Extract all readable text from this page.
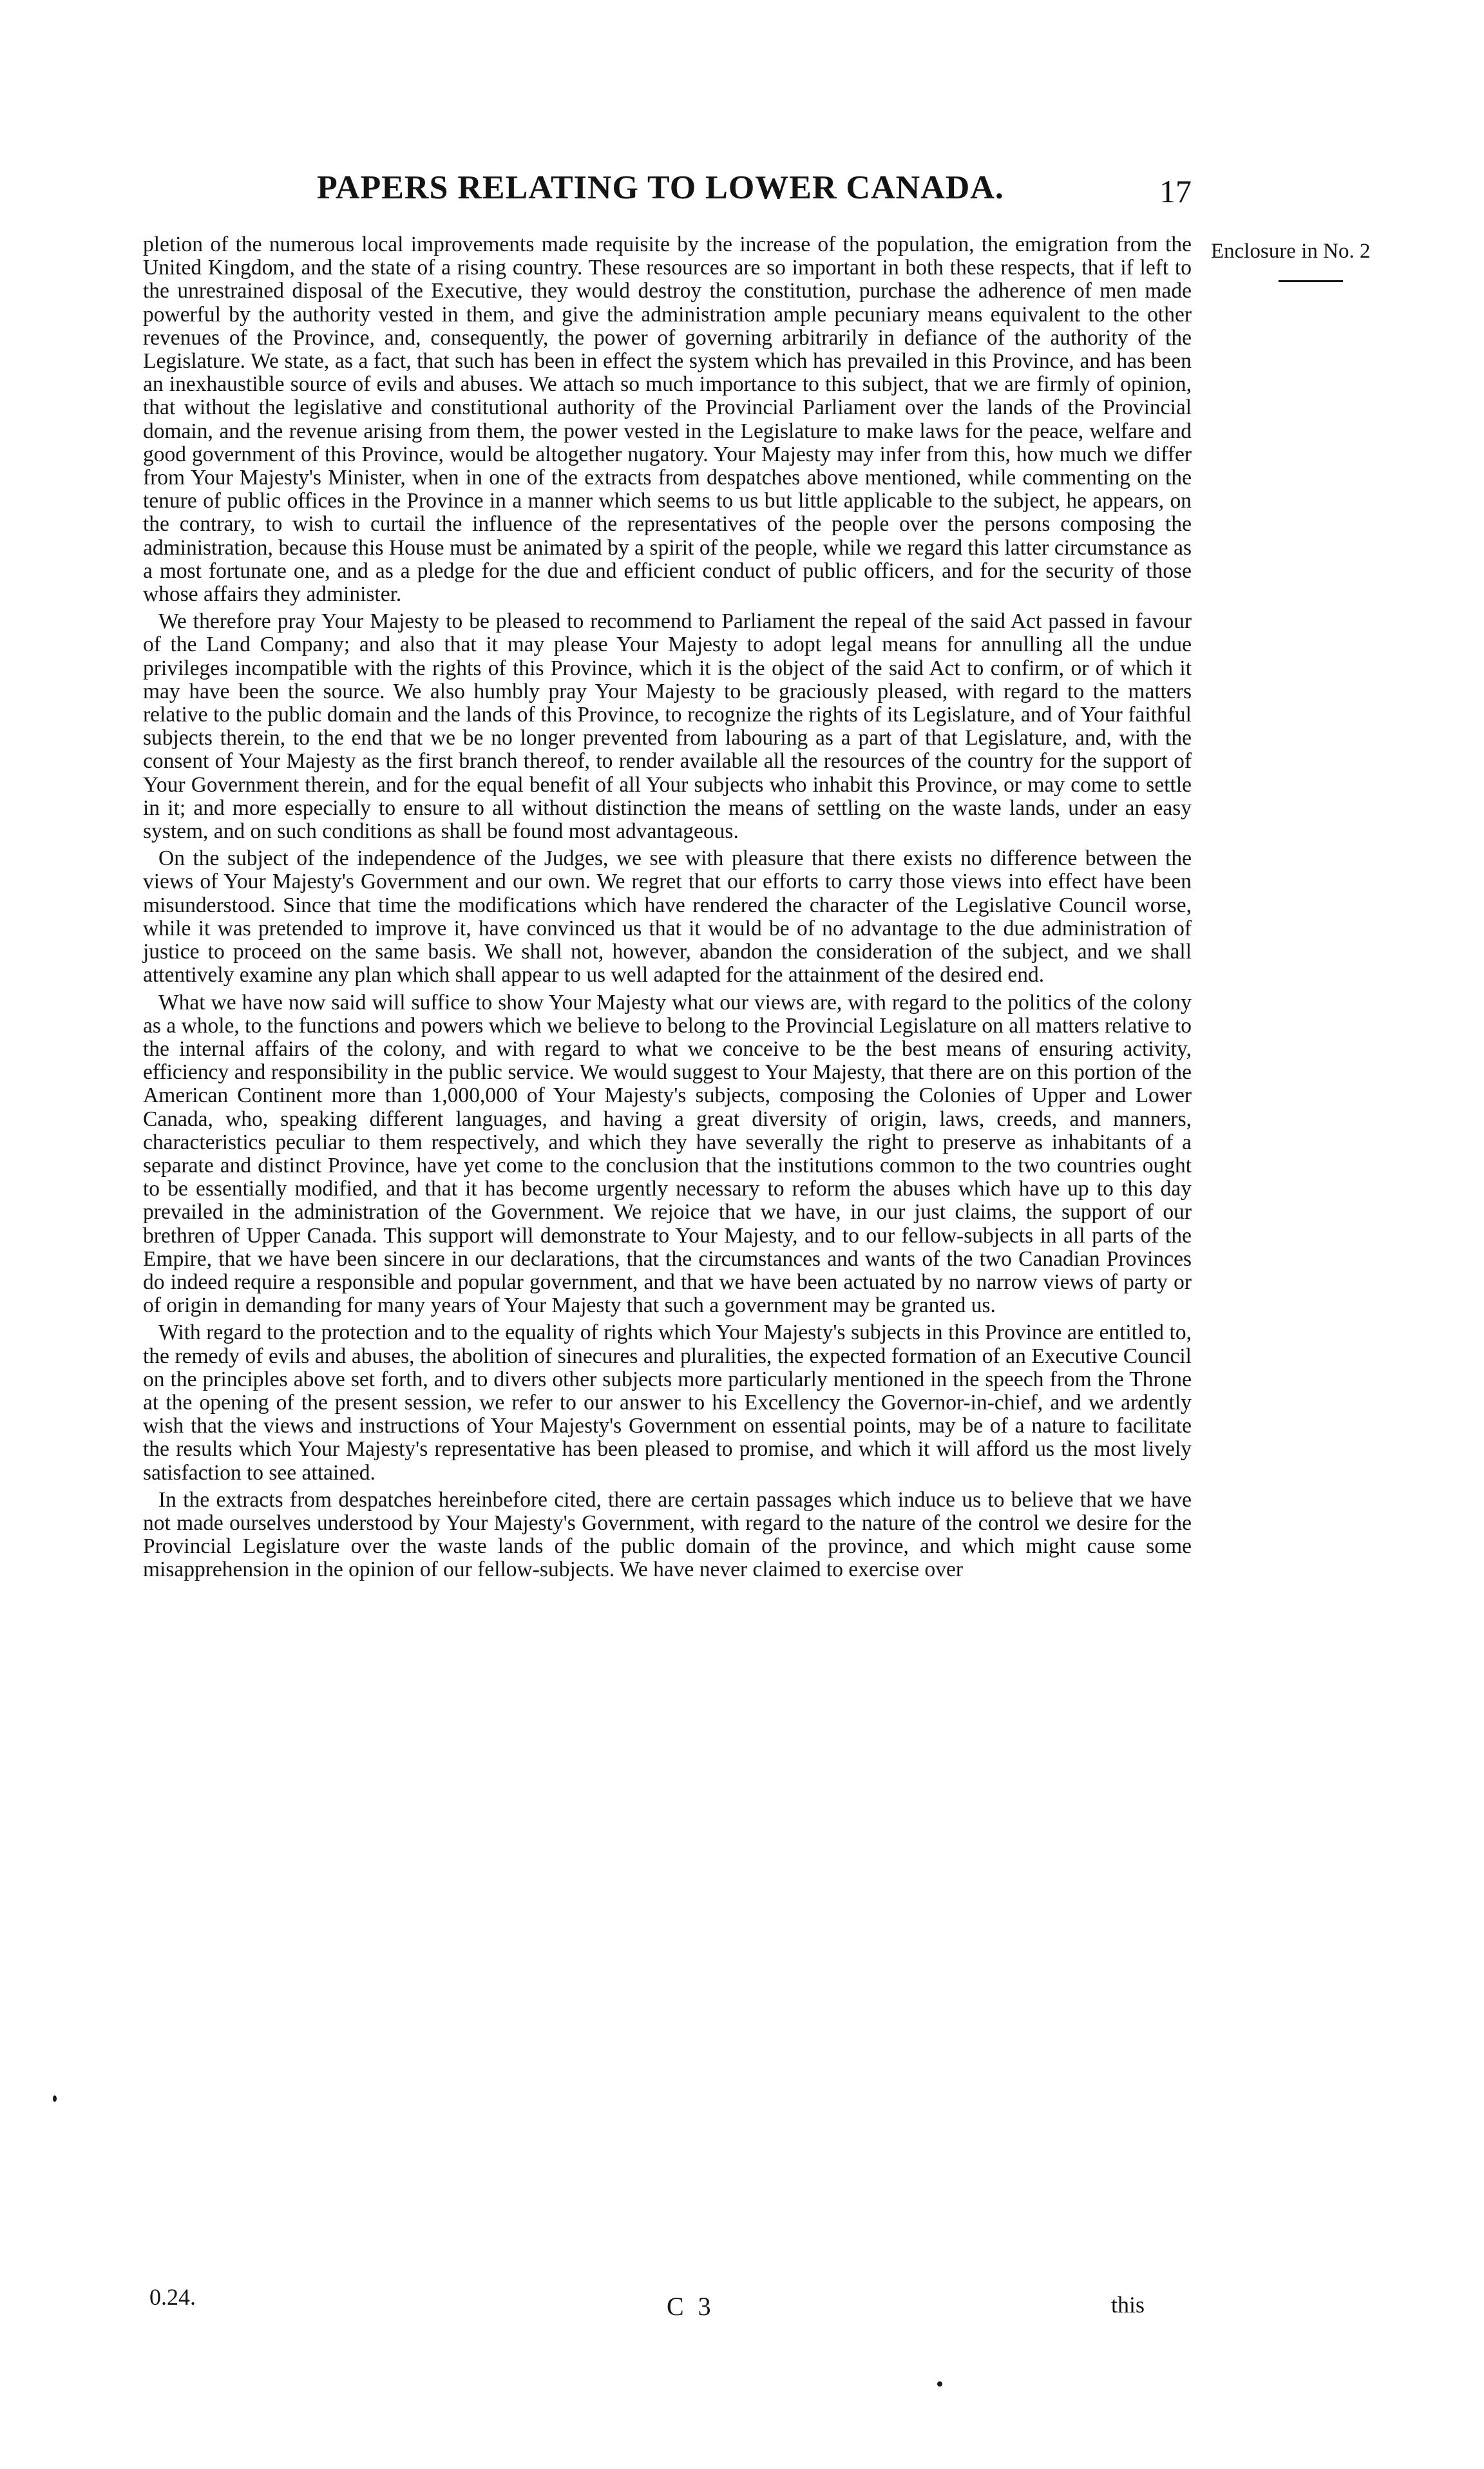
PAPERS RELATING TO LOWER CANADA.	17
Enclosure in No. 2

pletion of the numerous local improvements made requisite by the increase of the population, the emigration from the United Kingdom, and the state of a rising country. These resources are so important in both these respects, that if left to the unrestrained disposal of the Executive, they would destroy the constitution, purchase the adherence of men made powerful by the authority vested in them, and give the administration ample pecuniary means equivalent to the other revenues of the Province, and, consequently, the power of governing arbitrarily in defiance of the authority of the Legislature. We state, as a fact, that such has been in effect the system which has prevailed in this Province, and has been an inexhaustible source of evils and abuses. We attach so much importance to this subject, that we are firmly of opinion, that without the legislative and constitutional authority of the Provincial Parliament over the lands of the Provincial domain, and the revenue arising from them, the power vested in the Legislature to make laws for the peace, welfare and good government of this Province, would be altogether nugatory. Your Majesty may infer from this, how much we differ from Your Majesty's Minister, when in one of the extracts from despatches above mentioned, while commenting on the tenure of public offices in the Province in a manner which seems to us but little applicable to the subject, he appears, on the contrary, to wish to curtail the influence of the representatives of the people over the persons composing the administration, because this House must be animated by a spirit of the people, while we regard this latter circumstance as a most fortunate one, and as a pledge for the due and efficient conduct of public officers, and for the security of those whose affairs they administer.

We therefore pray Your Majesty to be pleased to recommend to Parliament the repeal of the said Act passed in favour of the Land Company; and also that it may please Your Majesty to adopt legal means for annulling all the undue privileges incompatible with the rights of this Province, which it is the object of the said Act to confirm, or of which it may have been the source. We also humbly pray Your Majesty to be graciously pleased, with regard to the matters relative to the public domain and the lands of this Province, to recognize the rights of its Legislature, and of Your faithful subjects therein, to the end that we be no longer prevented from labouring as a part of that Legislature, and, with the consent of Your Majesty as the first branch thereof, to render available all the resources of the country for the support of Your Government therein, and for the equal benefit of all Your subjects who inhabit this Province, or may come to settle in it; and more especially to ensure to all without distinction the means of settling on the waste lands, under an easy system, and on such conditions as shall be found most advantageous.

On the subject of the independence of the Judges, we see with pleasure that there exists no difference between the views of Your Majesty's Government and our own. We regret that our efforts to carry those views into effect have been misunderstood. Since that time the modifications which have rendered the character of the Legislative Council worse, while it was pretended to improve it, have convinced us that it would be of no advantage to the due administration of justice to proceed on the same basis. We shall not, however, abandon the consideration of the subject, and we shall attentively examine any plan which shall appear to us well adapted for the attainment of the desired end.

What we have now said will suffice to show Your Majesty what our views are, with regard to the politics of the colony as a whole, to the functions and powers which we believe to belong to the Provincial Legislature on all matters relative to the internal affairs of the colony, and with regard to what we conceive to be the best means of ensuring activity, efficiency and responsibility in the public service. We would suggest to Your Majesty, that there are on this portion of the American Continent more than 1,000,000 of Your Majesty's subjects, composing the Colonies of Upper and Lower Canada, who, speaking different languages, and having a great diversity of origin, laws, creeds, and manners, characteristics peculiar to them respectively, and which they have severally the right to preserve as inhabitants of a separate and distinct Province, have yet come to the conclusion that the institutions common to the two countries ought to be essentially modified, and that it has become urgently necessary to reform the abuses which have up to this day prevailed in the administration of the Government. We rejoice that we have, in our just claims, the support of our brethren of Upper Canada. This support will demonstrate to Your Majesty, and to our fellow-subjects in all parts of the Empire, that we have been sincere in our declarations, that the circumstances and wants of the two Canadian Provinces do indeed require a responsible and popular government, and that we have been actuated by no narrow views of party or of origin in demanding for many years of Your Majesty that such a government may be granted us.

With regard to the protection and to the equality of rights which Your Majesty's subjects in this Province are entitled to, the remedy of evils and abuses, the abolition of sinecures and pluralities, the expected formation of an Executive Council on the principles above set forth, and to divers other subjects more particularly mentioned in the speech from the Throne at the opening of the present session, we refer to our answer to his Excellency the Governor-in-chief, and we ardently wish that the views and instructions of Your Majesty's Government on essential points, may be of a nature to facilitate the results which Your Majesty's representative has been pleased to promise, and which it will afford us the most lively satisfaction to see attained.

In the extracts from despatches hereinbefore cited, there are certain passages which induce us to believe that we have not made ourselves understood by Your Majesty's Government, with regard to the nature of the control we desire for the Provincial Legislature over the waste lands of the public domain of the province, and which might cause some misapprehension in the opinion of our fellow-subjects. We have never claimed to exercise over

0.24.	C 3	this
